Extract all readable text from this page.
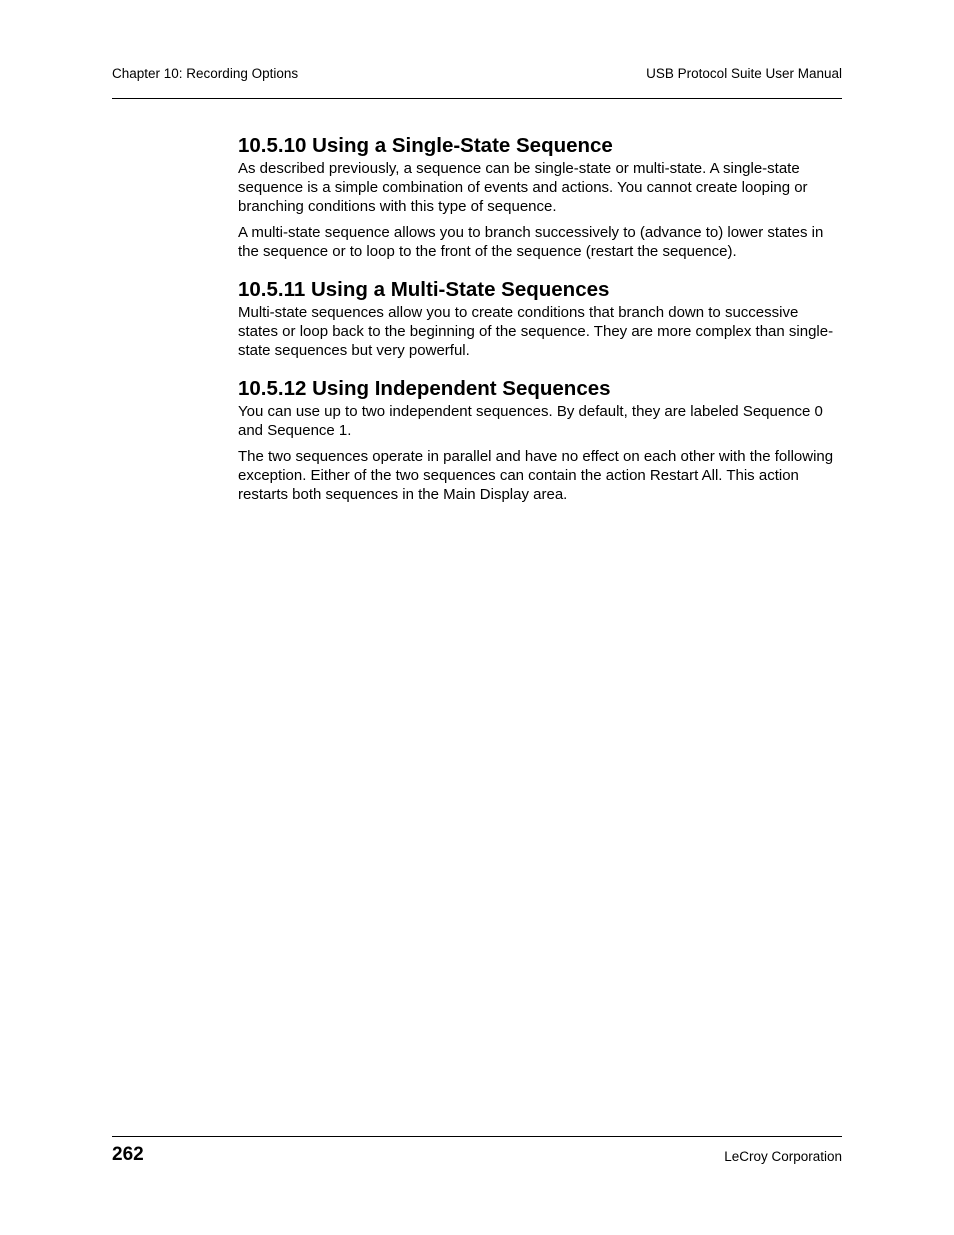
Chapter 10: Recording Options	USB Protocol Suite User Manual
10.5.10 Using a Single-State Sequence

As described previously, a sequence can be single-state or multi-state. A single-state sequence is a simple combination of events and actions. You cannot create looping or branching conditions with this type of sequence.

A multi-state sequence allows you to branch successively to (advance to) lower states in the sequence or to loop to the front of the sequence (restart the sequence).

10.5.11 Using a Multi-State Sequences

Multi-state sequences allow you to create conditions that branch down to successive states or loop back to the beginning of the sequence. They are more complex than single-state sequences but very powerful.

10.5.12 Using Independent Sequences

You can use up to two independent sequences. By default, they are labeled Sequence 0 and Sequence 1.

The two sequences operate in parallel and have no effect on each other with the following exception. Either of the two sequences can contain the action Restart All. This action restarts both sequences in the Main Display area.

262	LeCroy Corporation
